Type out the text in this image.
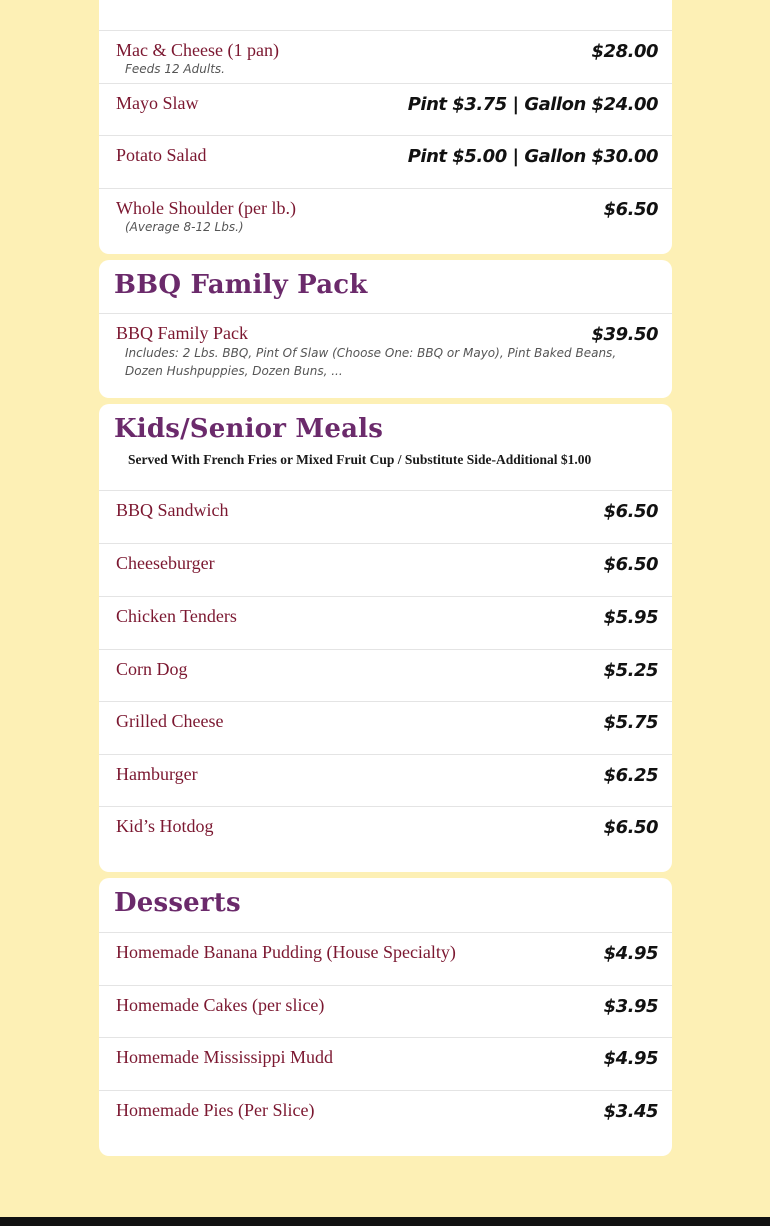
Mac & Cheese (1 pan)	$28.00
Feeds 12 Adults.
Mayo Slaw	Pint $3.75 | Gallon $24.00
Potato Salad	Pint $5.00 | Gallon $30.00
Whole Shoulder (per lb.)	$6.50
(Average 8-12 Lbs.)
BBQ Family Pack
BBQ Family Pack	$39.50
Includes: 2 Lbs. BBQ, Pint Of Slaw (Choose One: BBQ or Mayo), Pint Baked Beans, Dozen Hushpuppies, Dozen Buns, ...
Kids/Senior Meals
Served With French Fries or Mixed Fruit Cup / Substitute Side-Additional $1.00
BBQ Sandwich	$6.50
Cheeseburger	$6.50
Chicken Tenders	$5.95
Corn Dog	$5.25
Grilled Cheese	$5.75
Hamburger	$6.25
Kid’s Hotdog	$6.50
Desserts
Homemade Banana Pudding (House Specialty)	$4.95
Homemade Cakes (per slice)	$3.95
Homemade Mississippi Mudd	$4.95
Homemade Pies (Per Slice)	$3.45
